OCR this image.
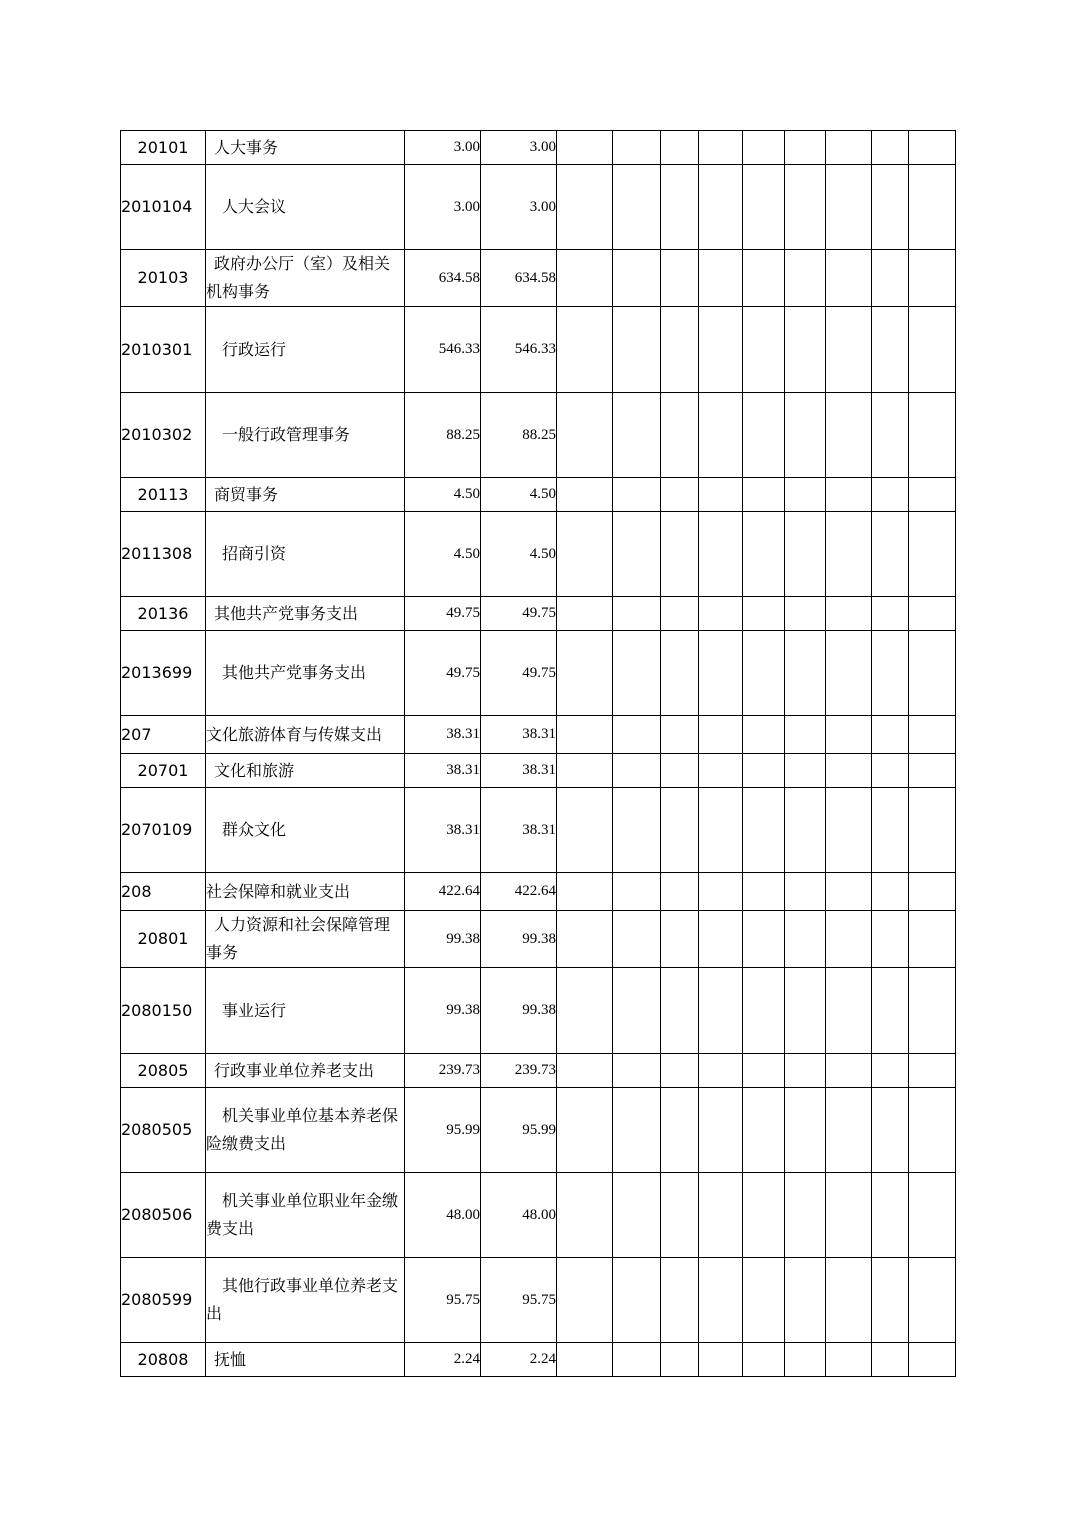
20101	人大事务	3.00	3.00									
2010104	人大会议	3.00	3.00									
20103	政府办公厅（室）及相关机构事务	634.58	634.58									
2010301	行政运行	546.33	546.33									
2010302	一般行政管理事务	88.25	88.25									
20113	商贸事务	4.50	4.50									
2011308	招商引资	4.50	4.50									
20136	其他共产党事务支出	49.75	49.75									
2013699	其他共产党事务支出	49.75	49.75									
207	文化旅游体育与传媒支出	38.31	38.31									
20701	文化和旅游	38.31	38.31									
2070109	群众文化	38.31	38.31									
208	社会保障和就业支出	422.64	422.64									
20801	人力资源和社会保障管理事务	99.38	99.38									
2080150	事业运行	99.38	99.38									
20805	行政事业单位养老支出	239.73	239.73									
2080505	机关事业单位基本养老保险缴费支出	95.99	95.99									
2080506	机关事业单位职业年金缴费支出	48.00	48.00									
2080599	其他行政事业单位养老支出	95.75	95.75									
20808	抚恤	2.24	2.24									
